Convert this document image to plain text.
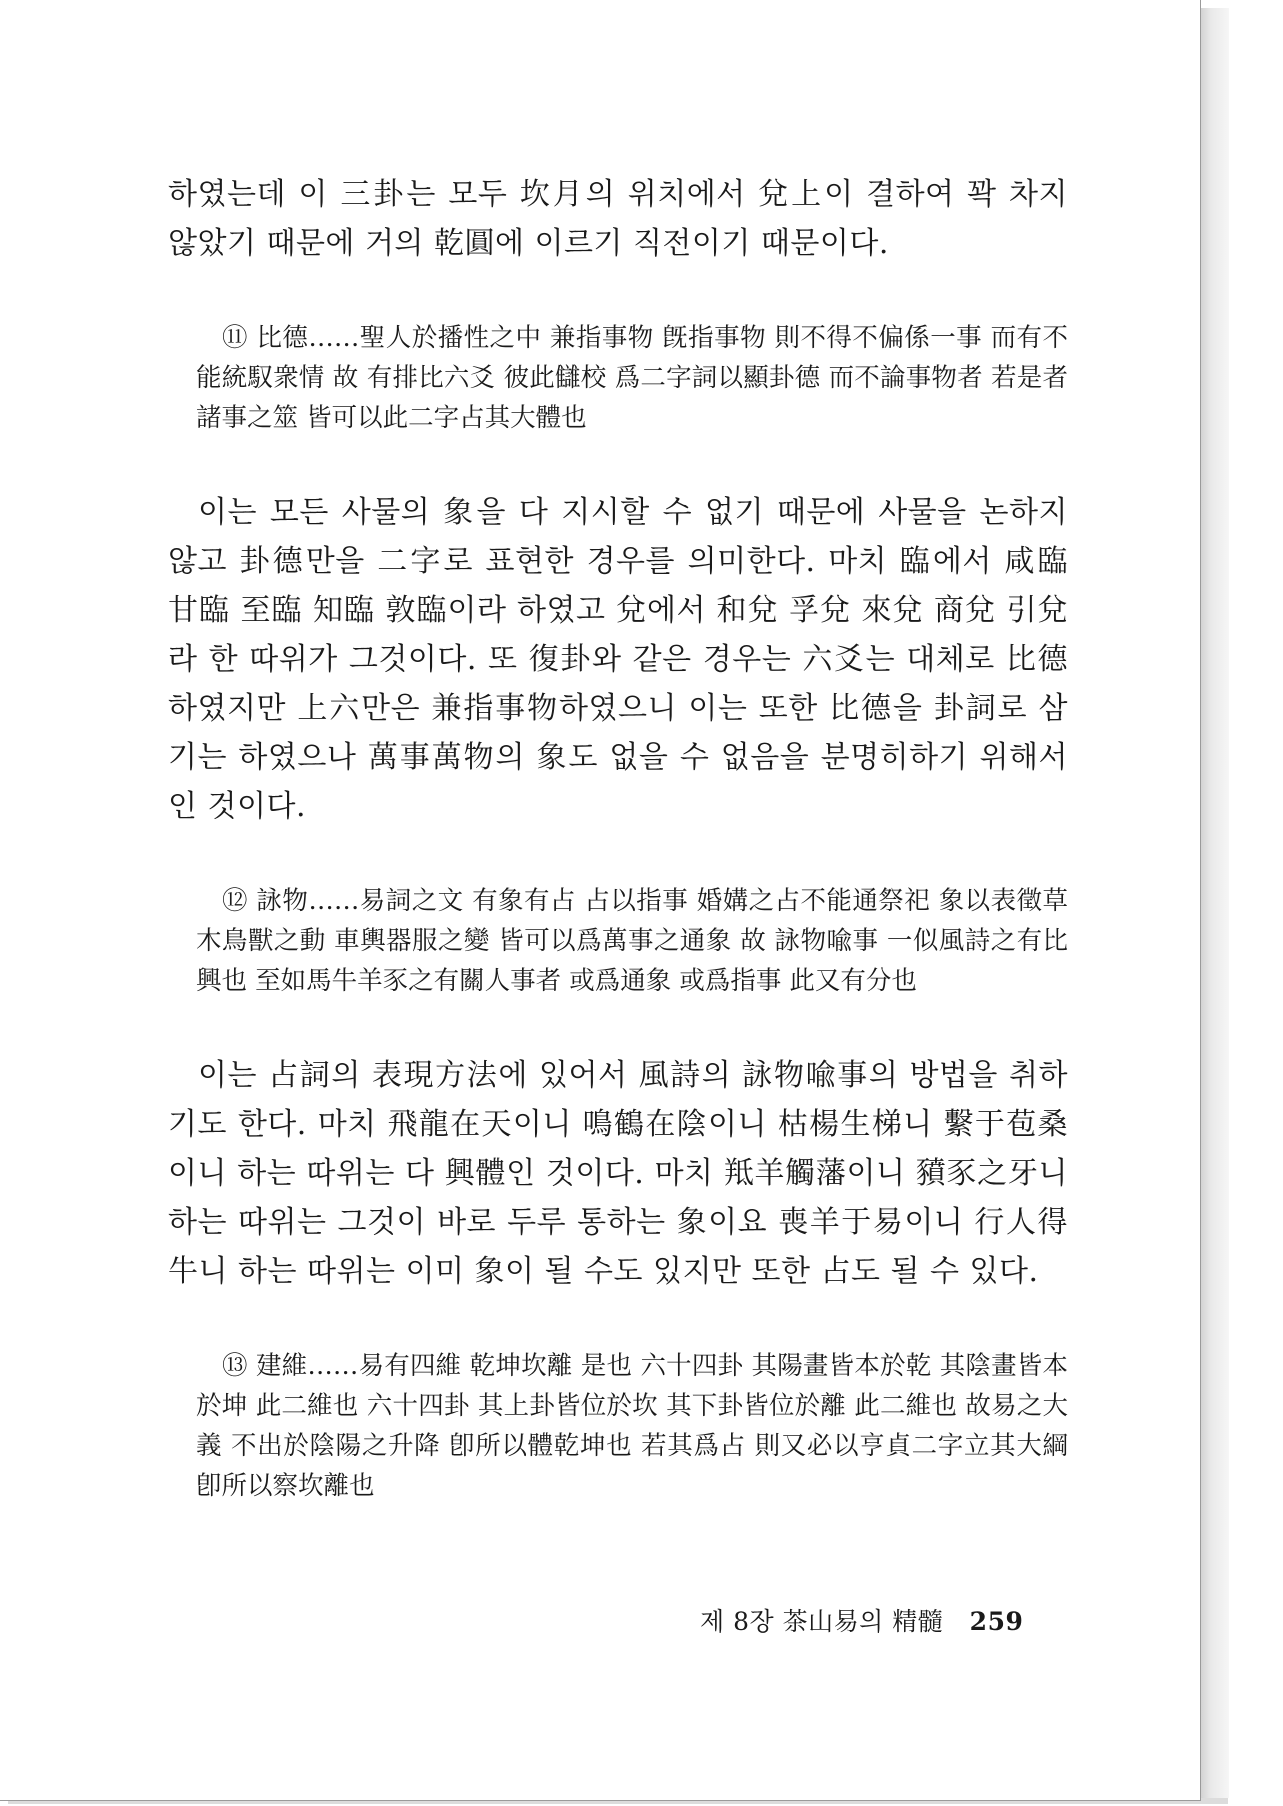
하였는데 이 三卦는 모두 坎月의 위치에서 兌上이 결하여 꽉 차지 않았기 때문에 거의 乾圓에 이르기 직전이기 때문이다.

⑪ 比德……聖人於播性之中 兼指事物 旣指事物 則不得不偏係一事 而有不能統馭衆情 故 有排比六爻 彼此讎校 爲二字詞以顯卦德 而不論事物者 若是者 諸事之筮 皆可以此二字占其大體也

이는 모든 사물의 象을 다 지시할 수 없기 때문에 사물을 논하지 않고 卦德만을 二字로 표현한 경우를 의미한다. 마치 臨에서 咸臨 甘臨 至臨 知臨 敦臨이라 하였고 兌에서 和兌 孚兌 來兌 商兌 引兌라 한 따위가 그것이다. 또 復卦와 같은 경우는 六爻는 대체로 比德하였지만 上六만은 兼指事物하였으니 이는 또한 比德을 卦詞로 삼기는 하였으나 萬事萬物의 象도 없을 수 없음을 분명히하기 위해서인 것이다.

⑫ 詠物……易詞之文 有象有占 占以指事 婚媾之占不能通祭祀 象以表徵草木鳥獸之動 車輿器服之變 皆可以爲萬事之通象 故 詠物喩事 一似風詩之有比興也 至如馬牛羊豕之有關人事者 或爲通象 或爲指事 此又有分也

이는 占詞의 表現方法에 있어서 風詩의 詠物喩事의 방법을 취하기도 한다. 마치 飛龍在天이니 鳴鶴在陰이니 枯楊生梯니 繫于苞桑이니 하는 따위는 다 興體인 것이다. 마치 羝羊觸藩이니 豶豕之牙니 하는 따위는 그것이 바로 두루 통하는 象이요 喪羊于易이니 行人得牛니 하는 따위는 이미 象이 될 수도 있지만 또한 占도 될 수 있다.

⑬ 建維……易有四維 乾坤坎離 是也 六十四卦 其陽畫皆本於乾 其陰畫皆本於坤 此二維也 六十四卦 其上卦皆位於坎 其下卦皆位於離 此二維也 故易之大義 不出於陰陽之升降 卽所以體乾坤也 若其爲占 則又必以亨貞二字立其大綱 卽所以察坎離也

제 8장 茶山易의 精髓 259
